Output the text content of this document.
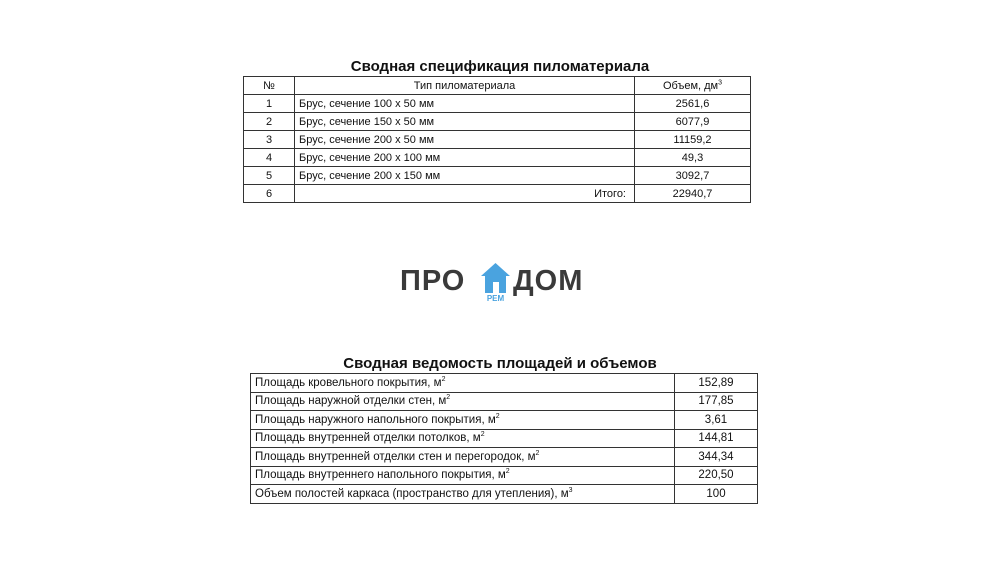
Сводная спецификация пиломатериала
№	Тип пиломатериала	Объем, $дм^3$
1	Брус, сечение 100 х 50 мм	2561,6
2	Брус, сечение 150 х 50 мм	6077,9
3	Брус, сечение 200 х 50 мм	11159,2
4	Брус, сечение 200 х 100 мм	49,3
5	Брус, сечение 200 х 150 мм	3092,7
6	Итого:	22940,7
ПРО
РЕМ
ДОМ
Сводная ведомость площадей и объемов
Площадь кровельного покрытия, $м^2$	152,89
Площадь наружной отделки стен, $м^2$	177,85
Площадь наружного напольного покрытия, $м^2$	3,61
Площадь внутренней отделки потолков, $м^2$	144,81
Площадь внутренней отделки стен и перегородок, $м^2$	344,34
Площадь внутреннего напольного покрытия, $м^2$	220,50
Объем полостей каркаса (пространство для утепления), $м^3$	100
